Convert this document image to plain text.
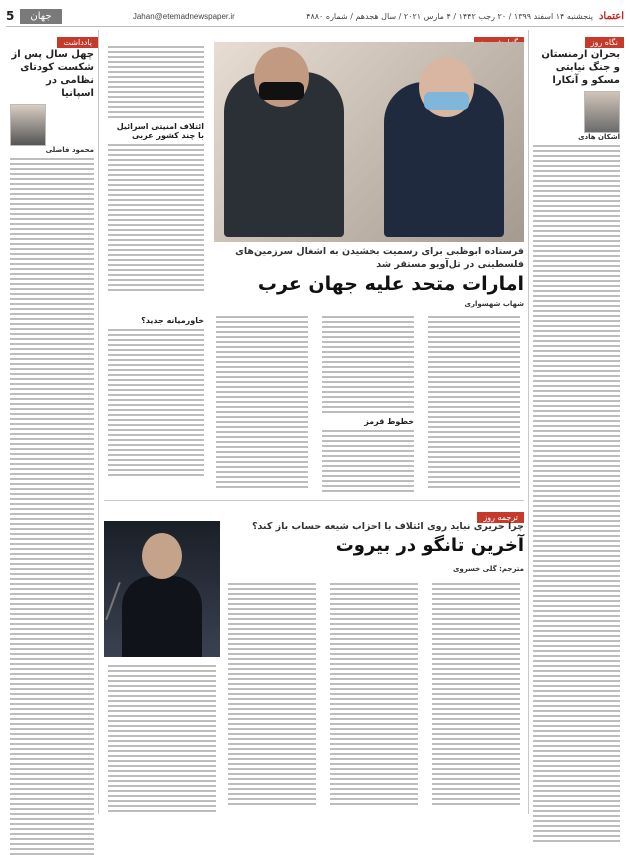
اعتماد
پنجشنبه ۱۴ اسفند ۱۳۹۹ / ۲۰ رجب ۱۴۴۲ / ۴ مارس ۲۰۲۱ / سال هجدهم / شماره ۴۸۸۰
Jahan@etemadnewspaper.ir
جهان
5
نگاه روز
بحران ارمنستان و جنگ نیابتی مسکو و آنکارا
اشکان هادی
یادداشت
چهل سال پس از شکست کودتای نظامی در اسپانیا
محمود فاضلی
ائتلاف امنیتی اسرائیل با چند کشور عربی
فرستاده ابوظبی برای رسمیت بخشیدن به اشغال سرزمین‌های فلسطینی در تل‌آویو مستقر شد
امارات متحد علیه جهان عرب
شهاب شهسواری
خطوط قرمز
خاورمیانه جدید؟
ترجمه روز
چرا حریری نباید روی ائتلاف با احزاب شیعه حساب باز کند؟
آخرین تانگو در بیروت
مترجم: گلی خسروی
